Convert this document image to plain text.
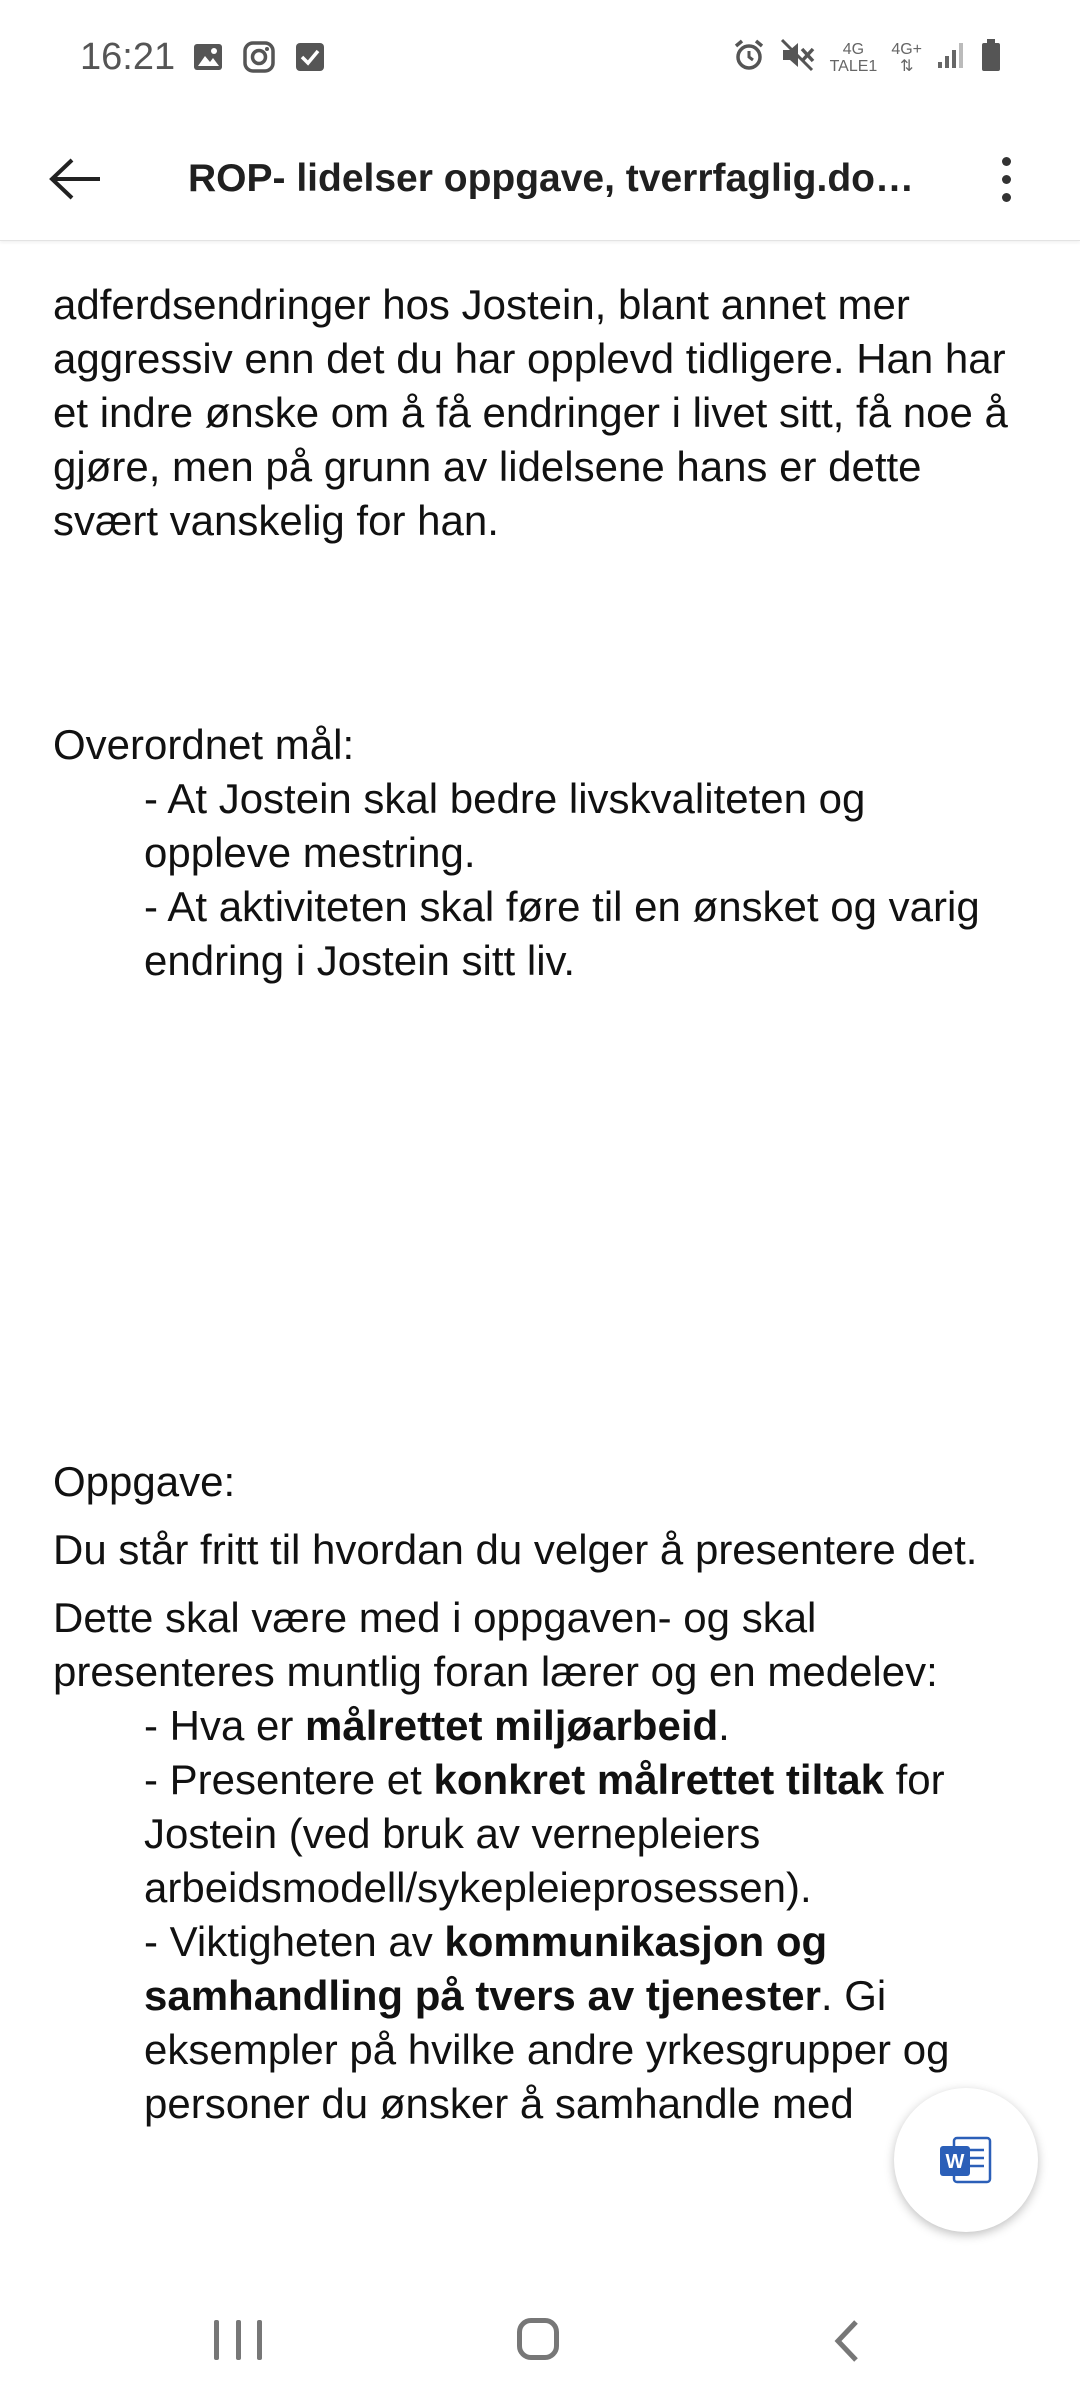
16:21	4G
TALE1
4G+
⇅
ROP- lidelser oppgave, tverrfaglig.docx

adferdsendringer hos Jostein, blant annet mer aggressiv enn det du har opplevd tidligere. Han har et indre ønske om å få endringer i livet sitt, få noe å gjøre, men på grunn av lidelsene hans er dette svært vanskelig for han.

Overordnet mål:

- At Jostein skal bedre livskvaliteten og oppleve mestring.

- At aktiviteten skal føre til en ønsket og varig endring i Jostein sitt liv.

Oppgave:

Du står fritt til hvordan du velger å presentere det.

Dette skal være med i oppgaven- og skal presenteres muntlig foran lærer og en medelev:

- Hva er målrettet miljøarbeid.

- Presentere et konkret målrettet tiltak for Jostein (ved bruk av vernepleiers arbeidsmodell/sykepleieprosessen).

- Viktigheten av kommunikasjon og samhandling på tvers av tjenester. Gi eksempler på hvilke andre yrkesgrupper og personer du ønsker å samhandle med

W
